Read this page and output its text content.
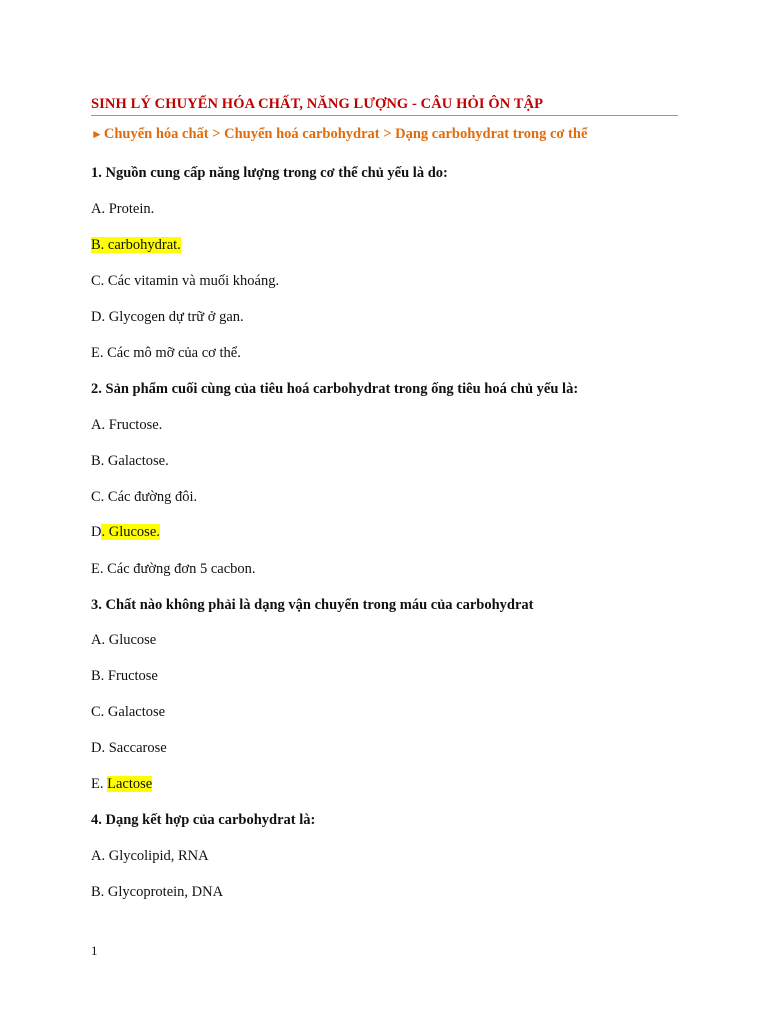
SINH LÝ CHUYỂN HÓA CHẤT, NĂNG LƯỢNG - CÂU HỎI ÔN TẬP
►Chuyển hóa chất > Chuyển hoá carbohydrat > Dạng carbohydrat trong cơ thể
1. Nguồn cung cấp năng lượng trong cơ thể chủ yếu là do:
A. Protein.
B. carbohydrat.
C. Các vitamin và muối khoáng.
D. Glycogen dự trữ ở gan.
E. Các mô mỡ của cơ thể.
2. Sản phẩm cuối cùng của tiêu hoá carbohydrat trong ống tiêu hoá chủ yếu là:
A. Fructose.
B. Galactose.
C. Các đường đôi.
D. Glucose.
E. Các đường đơn 5 cacbon.
3. Chất nào không phải là dạng vận chuyển trong máu của carbohydrat
A. Glucose
B. Fructose
C. Galactose
D. Saccarose
E. Lactose
4. Dạng kết hợp của carbohydrat là:
A. Glycolipid, RNA
B. Glycoprotein, DNA
1
